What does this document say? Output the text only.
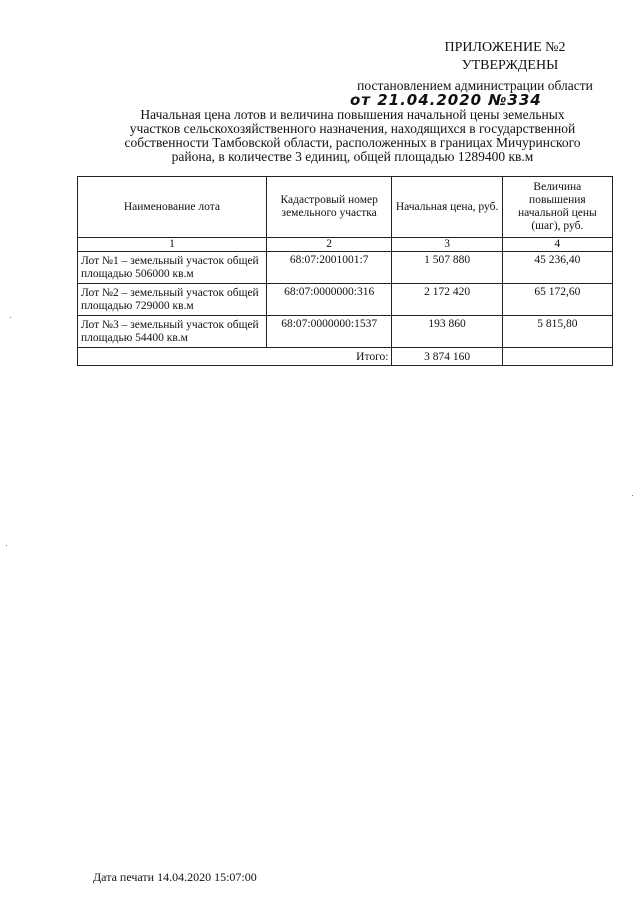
ПРИЛОЖЕНИЕ №2
УТВЕРЖДЕНЫ
постановлением администрации области
от 21.04.2020 №334
Начальная цена лотов и величина повышения начальной цены земельных
участков сельскохозяйственного назначения, находящихся в государственной
собственности Тамбовской области, расположенных в границах Мичуринского
района, в количестве 3 единиц, общей площадью 1289400 кв.м
Наименование лота	Кадастровый номер земельного участка	Начальная цена, руб.	Величина повышения начальной цены (шаг), руб.
1	2	3	4
Лот №1 – земельный участок общей площадью 506000 кв.м	68:07:2001001:7	1 507 880	45 236,40
Лот №2 – земельный участок общей площадью 729000 кв.м	68:07:0000000:316	2 172 420	65 172,60
Лот №3 – земельный участок общей площадью 54400 кв.м	68:07:0000000:1537	193 860	5 815,80
Итого:		3 874 160	
Дата печати 14.04.2020 15:07:00
